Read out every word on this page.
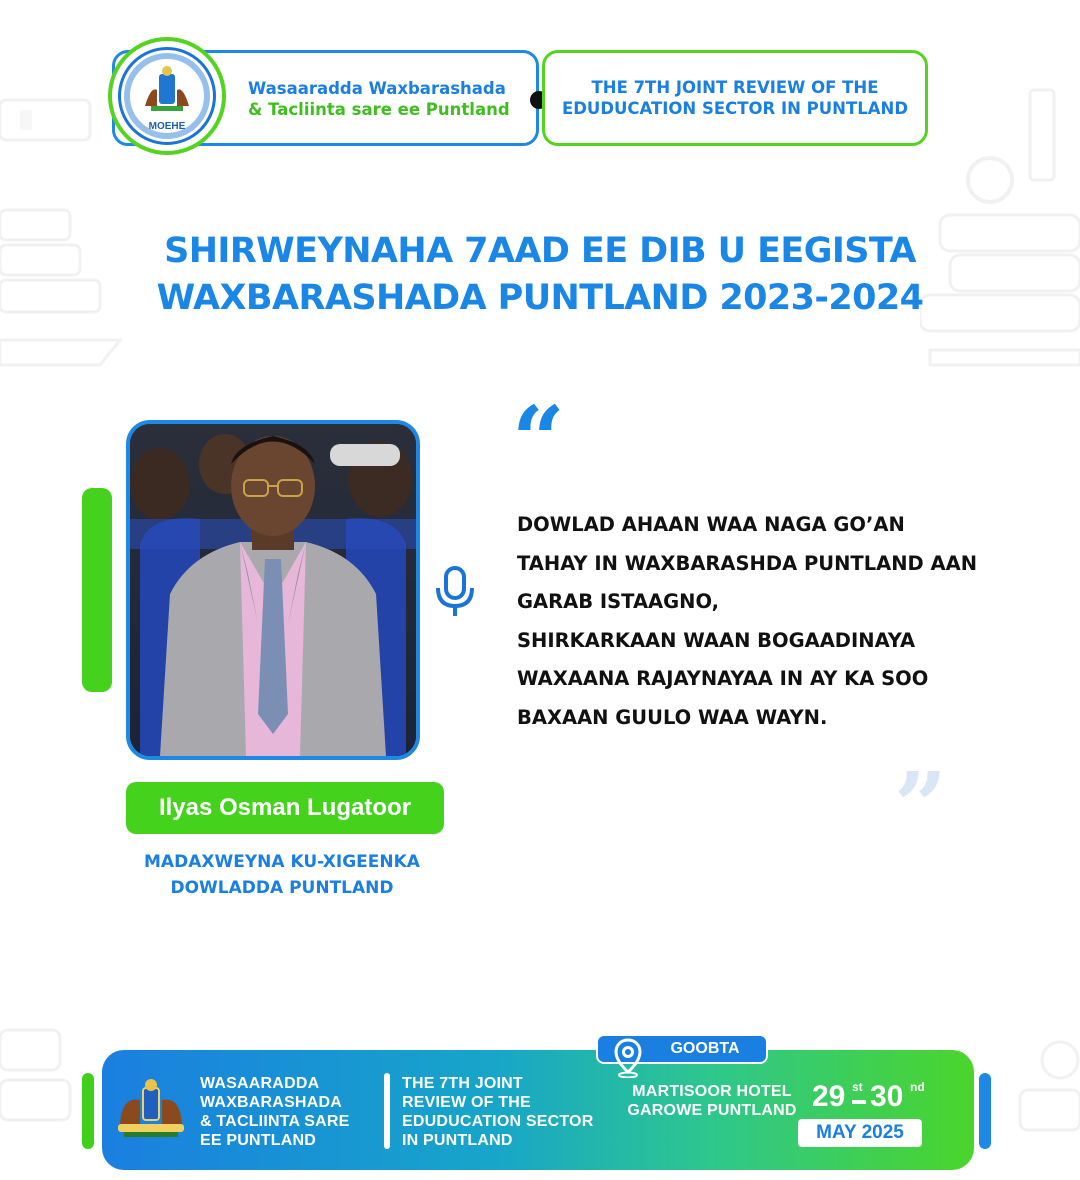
MOEHE
Wasaaradda Waxbarashada
& Tacliinta sare ee Puntland
THE 7TH JOINT REVIEW OF THE
EDUDUCATION SECTOR IN PUNTLAND
SHIRWEYNAHA 7AAD EE DIB U EEGISTA
WAXBARASHADA PUNTLAND 2023-2024
Ilyas Osman Lugatoor
MADAXWEYNA KU-XIGEENKA
DOWLADDA PUNTLAND
“
DOWLAD AHAAN WAA NAGA GO’AN
TAHAY IN WAXBARASHDA PUNTLAND AAN
GARAB ISTAAGNO,
SHIRKARKAAN WAAN BOGAADINAYA
WAXAANA RAJAYNAYAA IN AY KA SOO
BAXAAN GUULO WAA WAYN.
”
WASAARADDA
WAXBARASHADA
& TACLIINTA SARE
EE PUNTLAND
THE 7TH JOINT
REVIEW OF THE
EDUDUCATION SECTOR
IN PUNTLAND
GOOBTA
MARTISOOR HOTEL
GAROWE PUNTLAND 29 st 30 nd
MAY 2025
